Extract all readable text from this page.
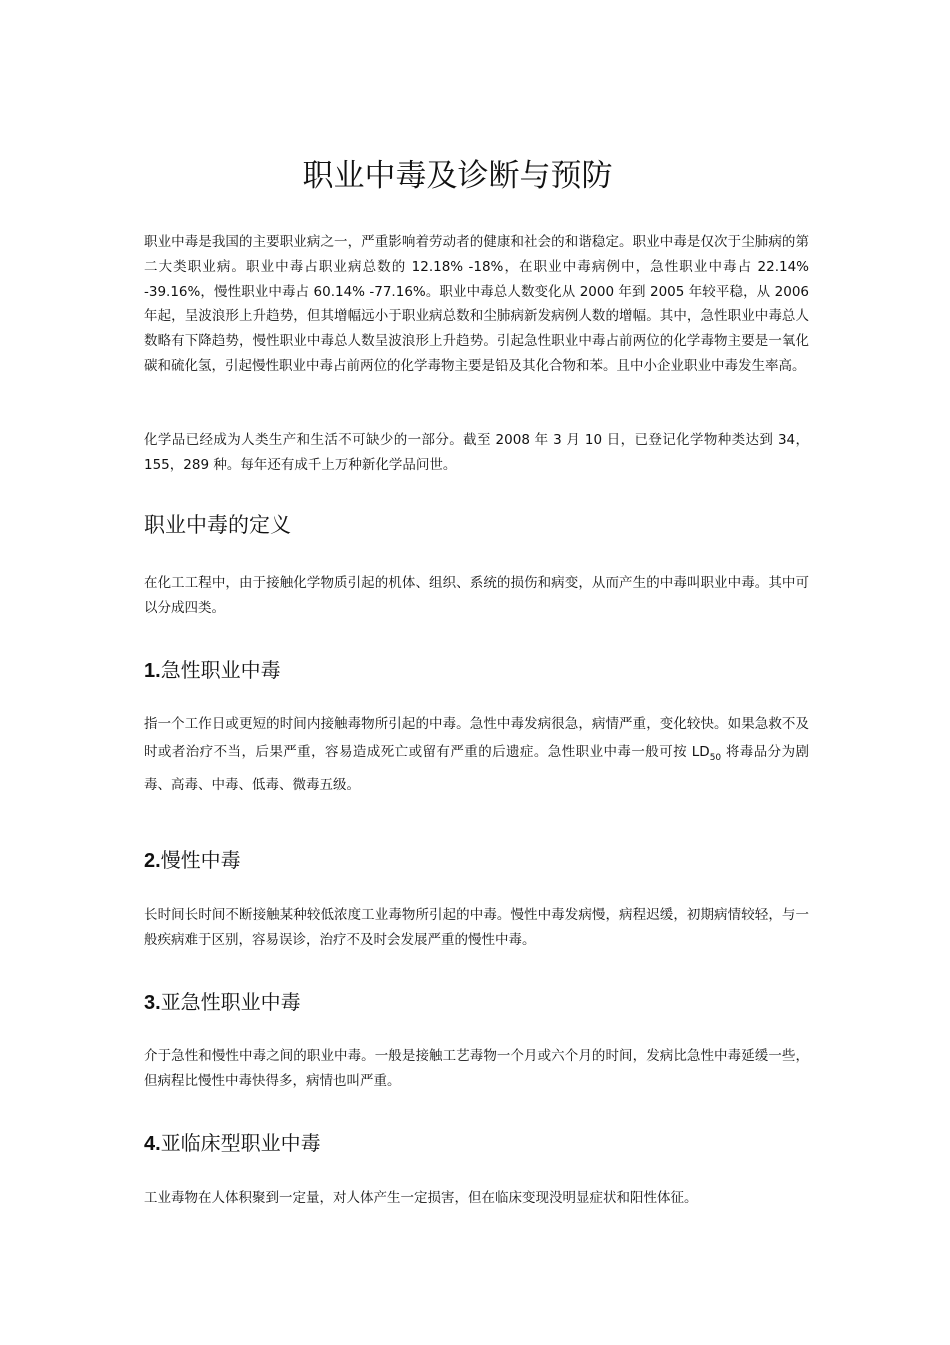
职业中毒及诊断与预防

职业中毒是我国的主要职业病之一，严重影响着劳动者的健康和社会的和谐稳定。职业中毒是仅次于尘肺病的第二大类职业病。职业中毒占职业病总数的 12.18% -18%，在职业中毒病例中，急性职业中毒占 22.14% -39.16%，慢性职业中毒占 60.14% -77.16%。职业中毒总人数变化从 2000 年到 2005 年较平稳，从 2006 年起，呈波浪形上升趋势，但其增幅远小于职业病总数和尘肺病新发病例人数的增幅。其中，急性职业中毒总人数略有下降趋势，慢性职业中毒总人数呈波浪形上升趋势。引起急性职业中毒占前两位的化学毒物主要是一氧化碳和硫化氢，引起慢性职业中毒占前两位的化学毒物主要是铅及其化合物和苯。且中小企业职业中毒发生率高。

化学品已经成为人类生产和生活不可缺少的一部分。截至 2008 年 3 月 10 日，已登记化学物种类达到 34，155，289 种。每年还有成千上万种新化学品问世。

职业中毒的定义

在化工工程中，由于接触化学物质引起的机体、组织、系统的损伤和病变，从而产生的中毒叫职业中毒。其中可以分成四类。

1.急性职业中毒

指一个工作日或更短的时间内接触毒物所引起的中毒。急性中毒发病很急，病情严重，变化较快。如果急救不及时或者治疗不当，后果严重，容易造成死亡或留有严重的后遗症。急性职业中毒一般可按 $LD_{50}$ 将毒品分为剧毒、高毒、中毒、低毒、微毒五级。

2.慢性中毒

长时间长时间不断接触某种较低浓度工业毒物所引起的中毒。慢性中毒发病慢，病程迟缓，初期病情较轻，与一般疾病难于区别，容易误诊，治疗不及时会发展严重的慢性中毒。

3.亚急性职业中毒

介于急性和慢性中毒之间的职业中毒。一般是接触工艺毒物一个月或六个月的时间，发病比急性中毒延缓一些，但病程比慢性中毒快得多，病情也叫严重。

4.亚临床型职业中毒

工业毒物在人体积聚到一定量，对人体产生一定损害，但在临床变现没明显症状和阳性体征。
